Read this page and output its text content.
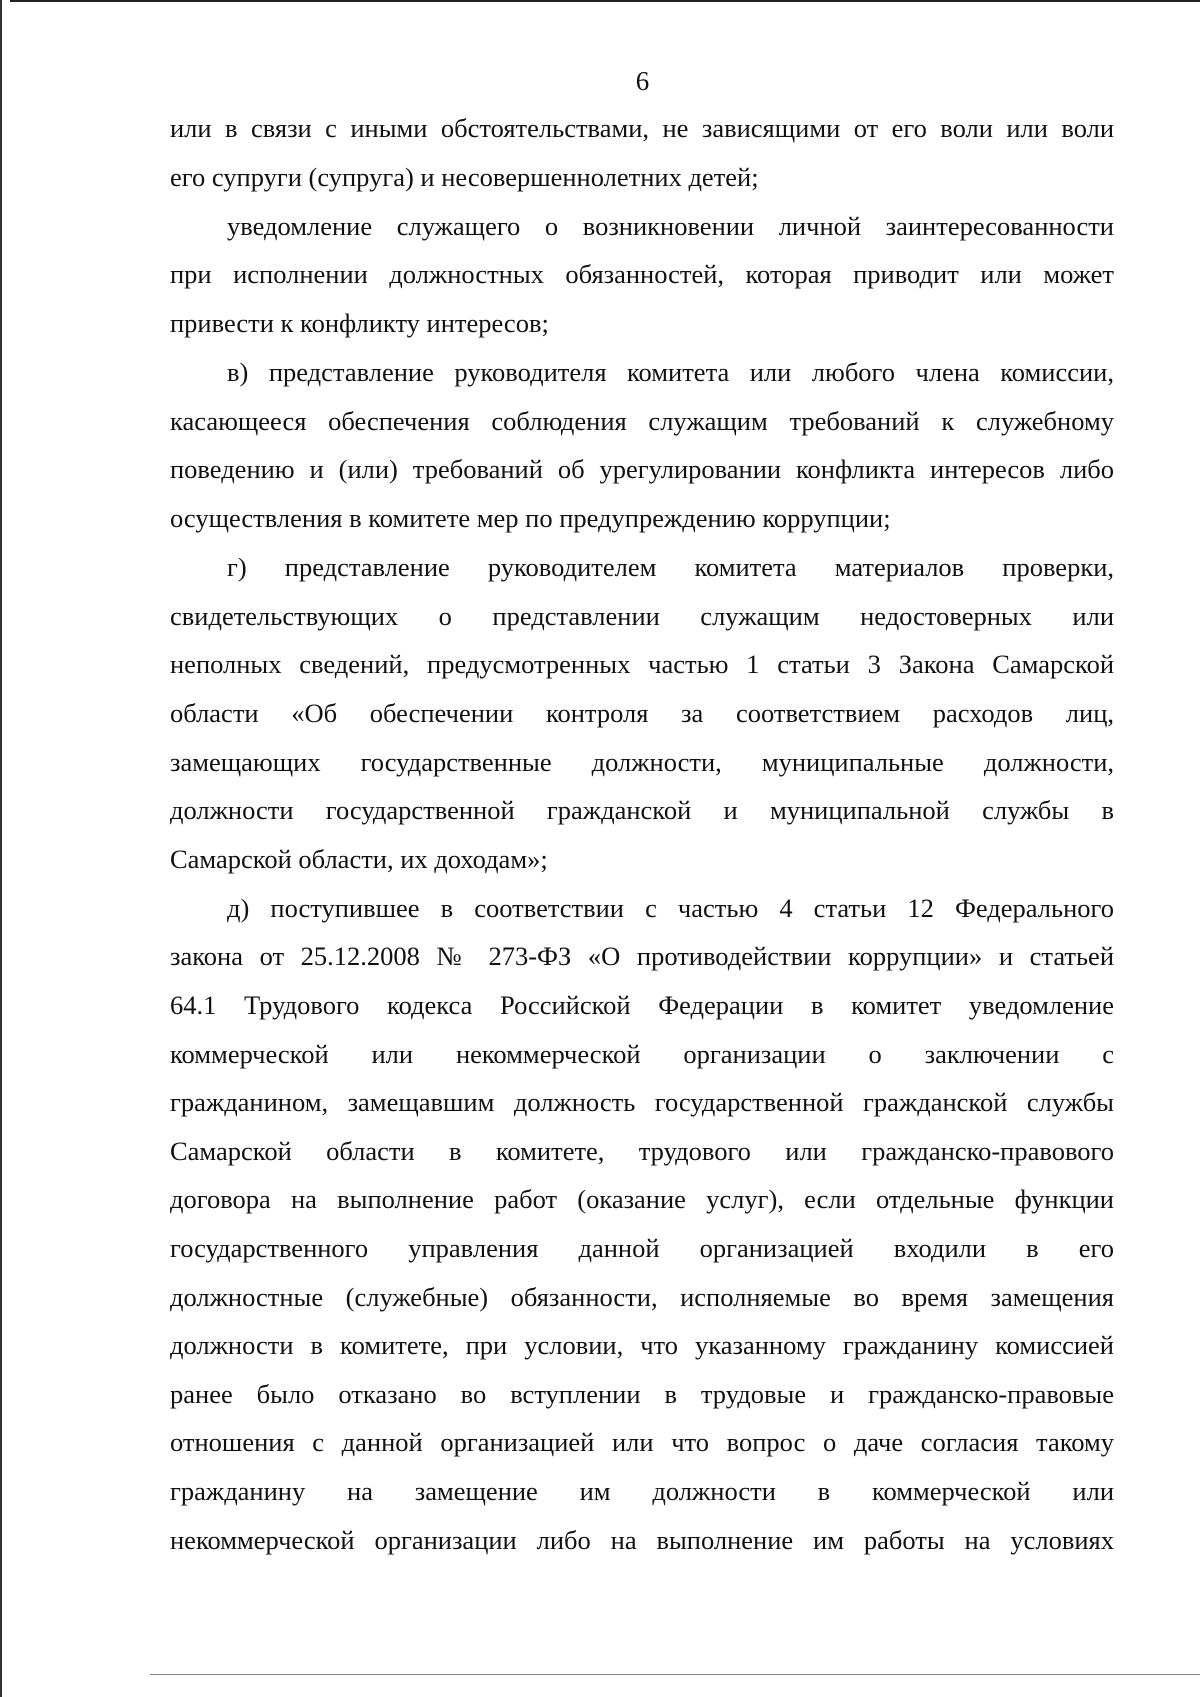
6

или в связи с иными обстоятельствами, не зависящими от его воли или воли
его супруги (супруга) и несовершеннолетних детей;

уведомление служащего о возникновении личной заинтересованности
при исполнении должностных обязанностей, которая приводит или может
привести к конфликту интересов;

в) представление руководителя комитета или любого члена комиссии,
касающееся обеспечения соблюдения служащим требований к служебному
поведению и (или) требований об урегулировании конфликта интересов либо
осуществления в комитете мер по предупреждению коррупции;

г) представление руководителем комитета материалов проверки,
свидетельствующих о представлении служащим недостоверных или
неполных сведений, предусмотренных частью 1 статьи 3 Закона Самарской
области «Об обеспечении контроля за соответствием расходов лиц,
замещающих государственные должности, муниципальные должности,
должности государственной гражданской и муниципальной службы в
Самарской области, их доходам»;

д) поступившее в соответствии с частью 4 статьи 12 Федерального
закона от 25.12.2008 № 273-ФЗ «О противодействии коррупции» и статьей
64.1 Трудового кодекса Российской Федерации в комитет уведомление
коммерческой или некоммерческой организации о заключении с
гражданином, замещавшим должность государственной гражданской службы
Самарской области в комитете, трудового или гражданско-правового
договора на выполнение работ (оказание услуг), если отдельные функции
государственного управления данной организацией входили в его
должностные (служебные) обязанности, исполняемые во время замещения
должности в комитете, при условии, что указанному гражданину комиссией
ранее было отказано во вступлении в трудовые и гражданско-правовые
отношения с данной организацией или что вопрос о даче согласия такому
гражданину на замещение им должности в коммерческой или
некоммерческой организации либо на выполнение им работы на условиях
